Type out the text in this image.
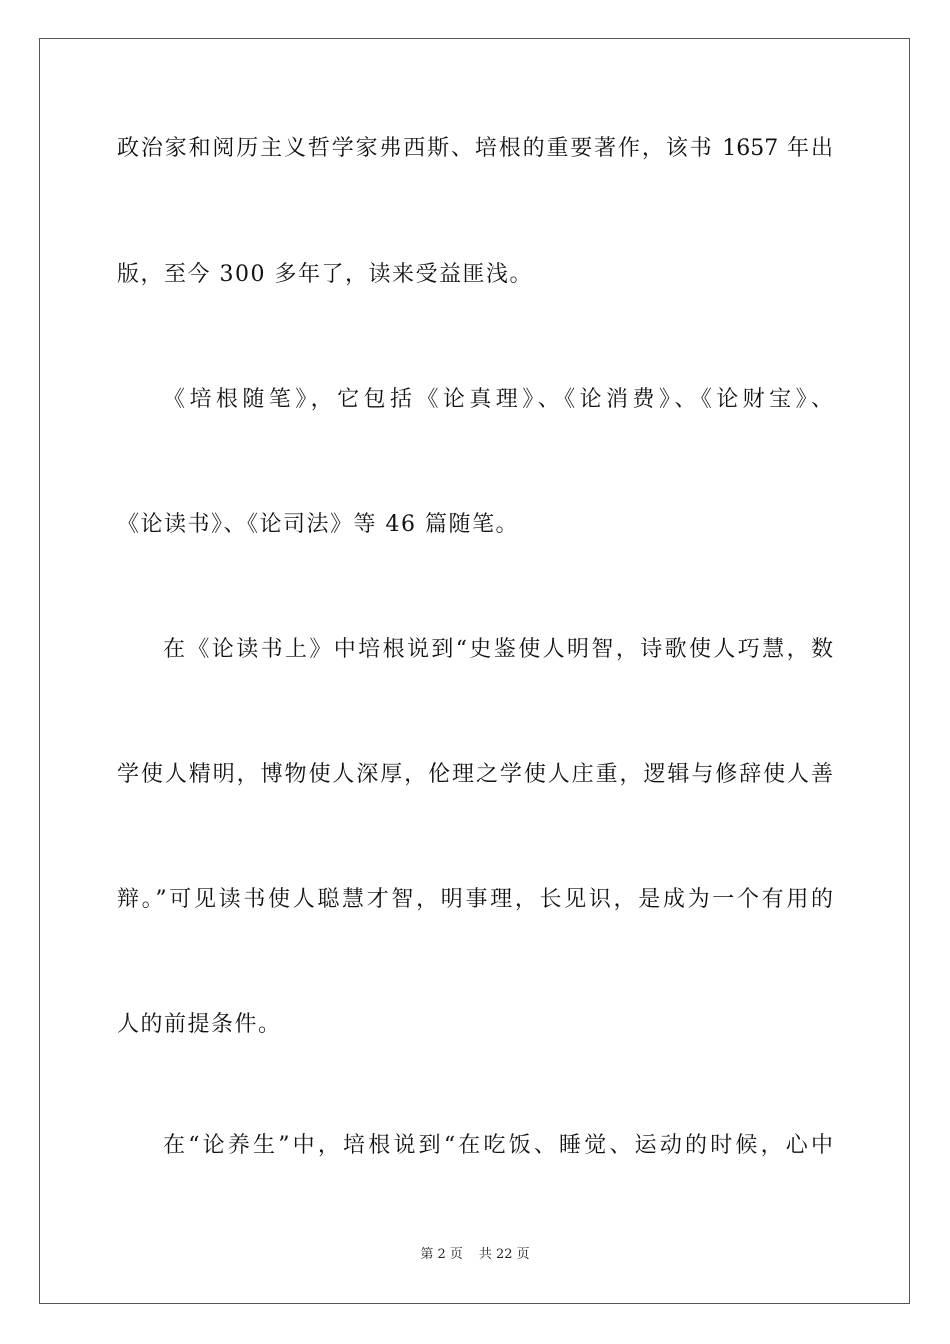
政治家和阅历主义哲学家弗西斯、培根的重要著作，该书 1657 年出
版，至今 300 多年了，读来受益匪浅。
《培根随笔》，它包括《论真理》、《论消费》、《论财宝》、
《论读书》、《论司法》等 46 篇随笔。
在《论读书上》中培根说到“史鉴使人明智，诗歌使人巧慧，数
学使人精明，博物使人深厚，伦理之学使人庄重，逻辑与修辞使人善
辩。”可见读书使人聪慧才智，明事理，长见识，是成为一个有用的
人的前提条件。
在“论养生”中，培根说到“在吃饭、睡觉、运动的时候，心中
第 2 页 共 22 页
